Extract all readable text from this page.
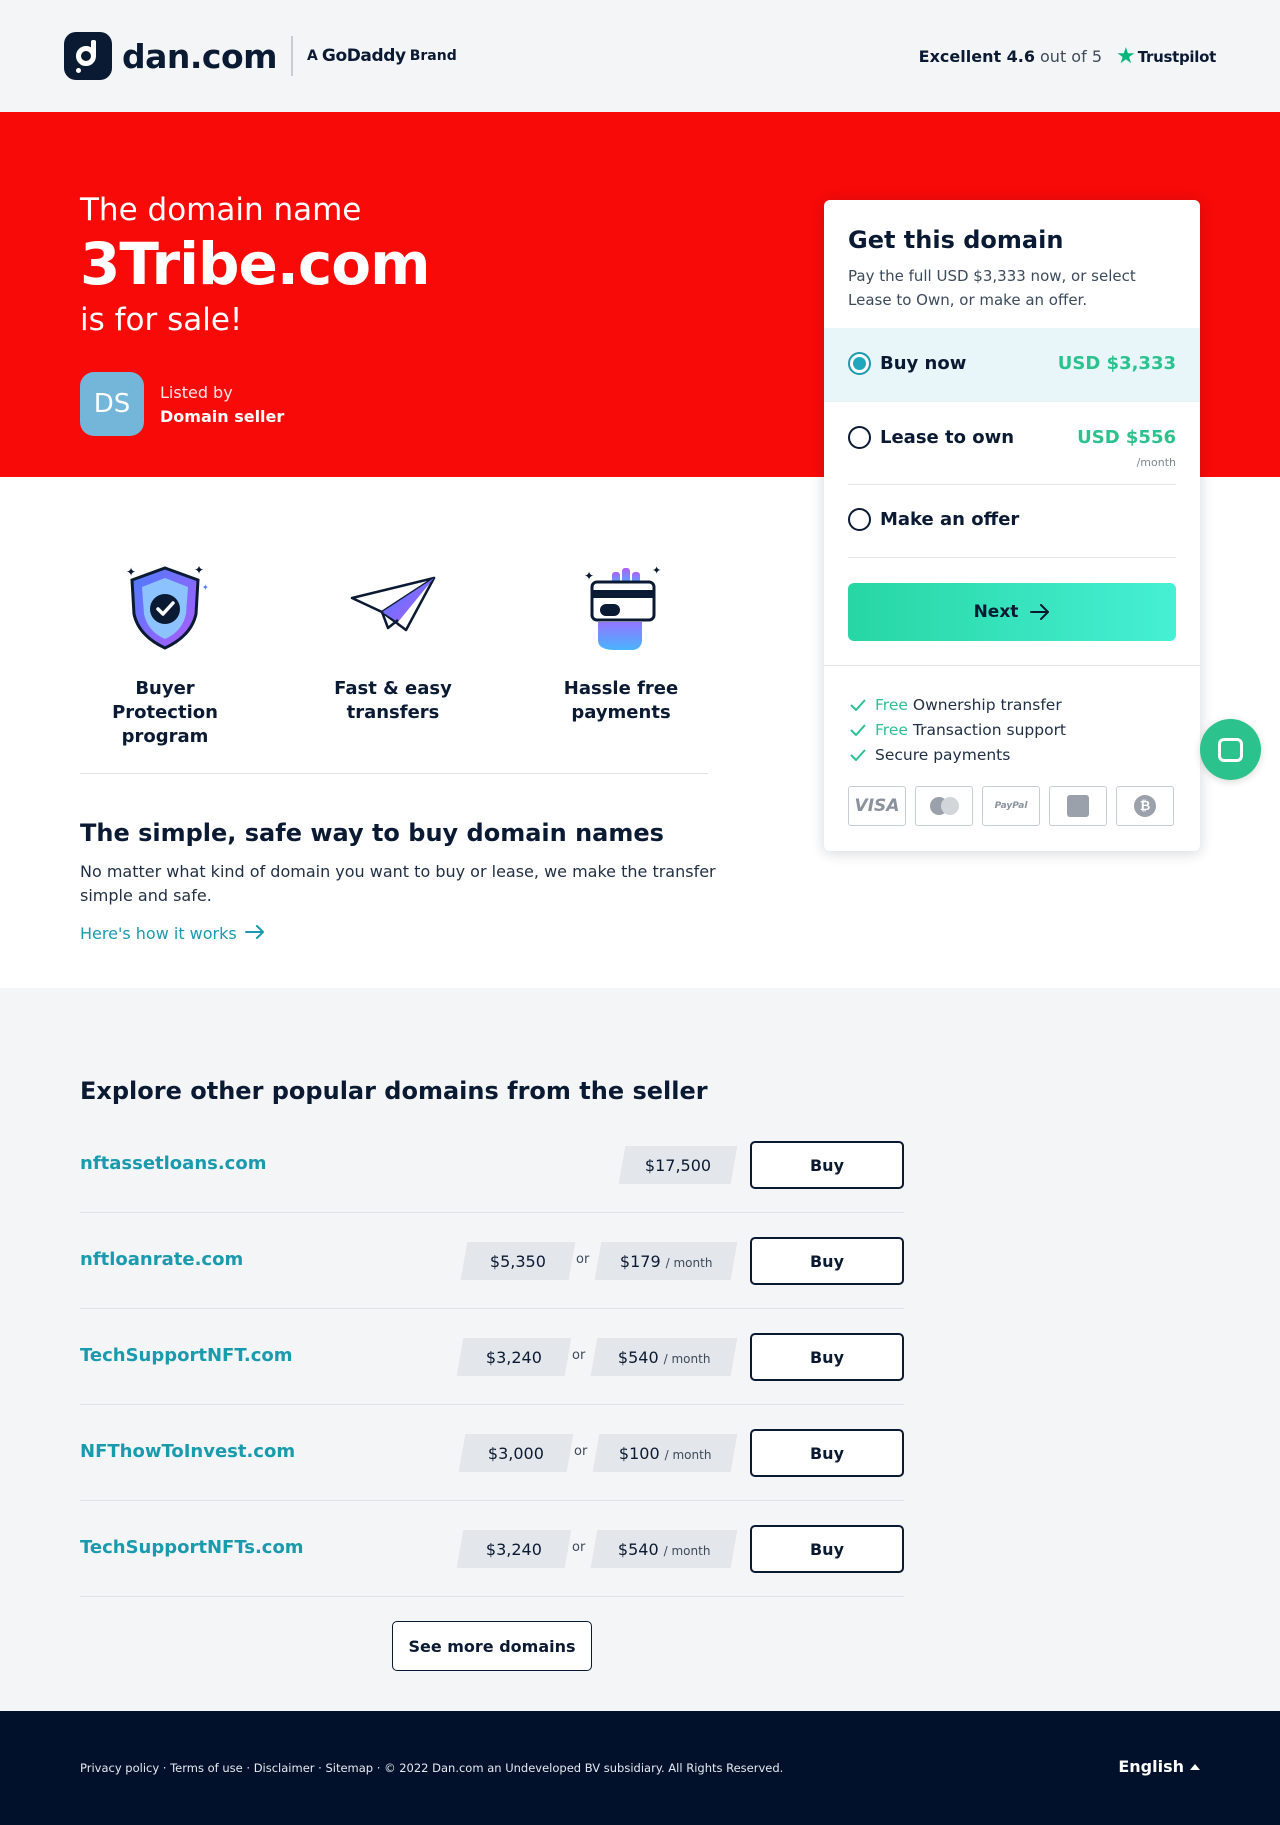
dan.com A GoDaddy Brand	Excellent 4.6 out of 5 ★ Trustpilot
The domain name
3Tribe.com
is for sale!
DS	Listed by
Domain seller
✦	✦
✦
Buyer Protection program
Fast & easy transfers
✦	✦
Hassle free payments
The simple, safe way to buy domain names
No matter what kind of domain you want to buy or lease, we make the transfer simple and safe.
Here's how it works
Get this domain
Pay the full USD $3,333 now, or select Lease to Own, or make an offer.
Buy now	USD $3,333
Lease to own	USD $556
/month
Make an offer
Next
Free Ownership transfer
Free Transaction support
Secure payments
VISA	PayPal	₿
Explore other popular domains from the seller
nftassetloans.com	$17,500	Buy
nftloanrate.com	$5,350 or $179 / month	Buy
TechSupportNFT.com	$3,240 or $540 / month	Buy
NFThowToInvest.com	$3,000 or $100 / month	Buy
TechSupportNFTs.com	$3,240 or $540 / month	Buy
See more domains
Privacy policy · Terms of use · Disclaimer · Sitemap · © 2022 Dan.com an Undeveloped BV subsidiary. All Rights Reserved.	English
